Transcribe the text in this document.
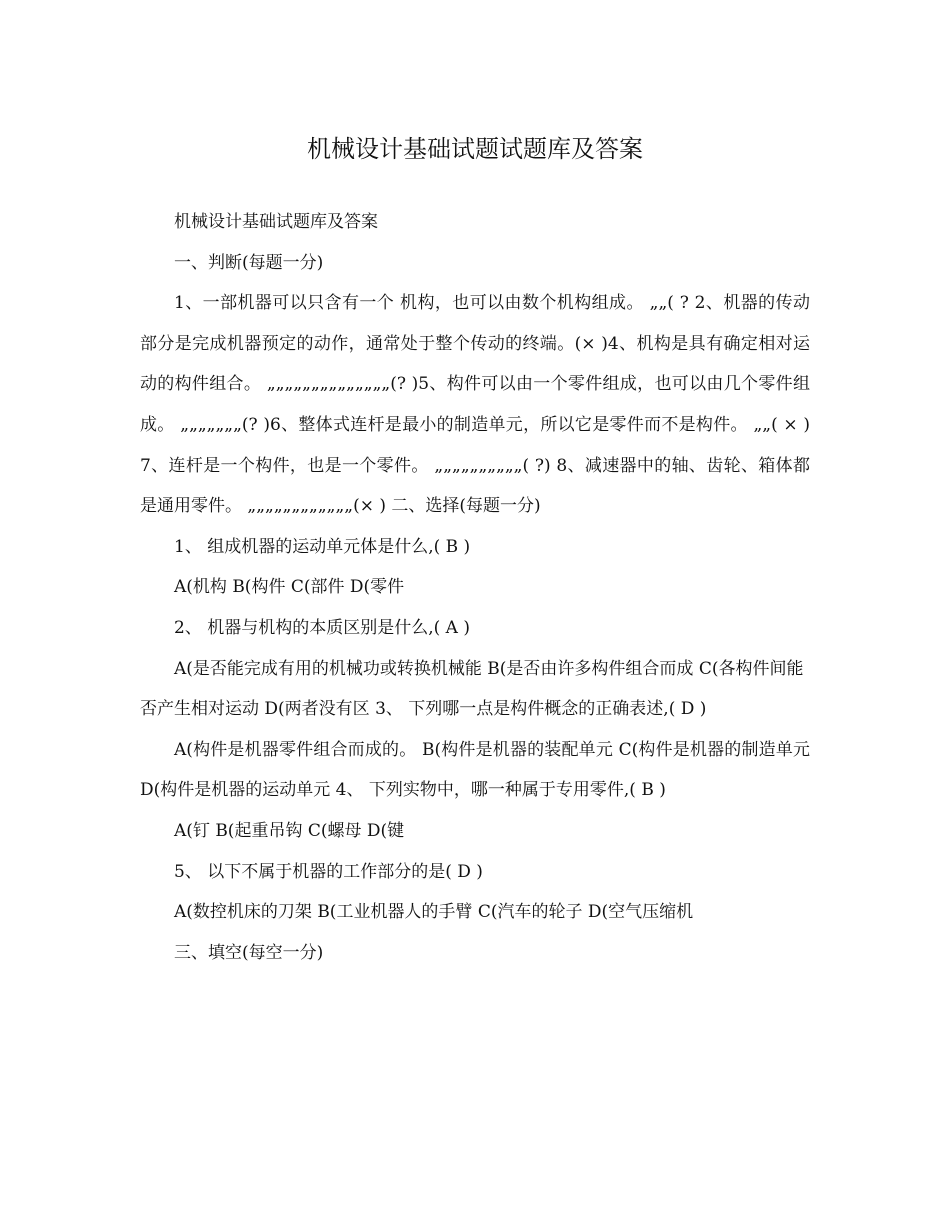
机械设计基础试题试题库及答案

机械设计基础试题库及答案

一、判断(每题一分)

1、一部机器可以只含有一个 机构，也可以由数个机构组成。 „„( ? 2、机器的传动部分是完成机器预定的动作，通常处于整个传动的终端。(× )4、机构是具有确定相对运动的构件组合。 „„„„„„„„„„„„„„(? )5、构件可以由一个零件组成，也可以由几个零件组成。 „„„„„„„(? )6、整体式连杆是最小的制造单元，所以它是零件而不是构件。 „„( × )7、连杆是一个构件，也是一个零件。 „„„„„„„„„„( ?) 8、减速器中的轴、齿轮、箱体都是通用零件。 „„„„„„„„„„„„(× ) 二、选择(每题一分)

1、 组成机器的运动单元体是什么,( B )

A(机构 B(构件 C(部件 D(零件

2、 机器与机构的本质区别是什么,( A )

A(是否能完成有用的机械功或转换机械能 B(是否由许多构件组合而成 C(各构件间能否产生相对运动 D(两者没有区 3、 下列哪一点是构件概念的正确表述,( D )

A(构件是机器零件组合而成的。 B(构件是机器的装配单元 C(构件是机器的制造单元 D(构件是机器的运动单元 4、 下列实物中，哪一种属于专用零件,( B )

A(钉 B(起重吊钩 C(螺母 D(键

5、 以下不属于机器的工作部分的是( D )

A(数控机床的刀架 B(工业机器人的手臂 C(汽车的轮子 D(空气压缩机

三、填空(每空一分)
